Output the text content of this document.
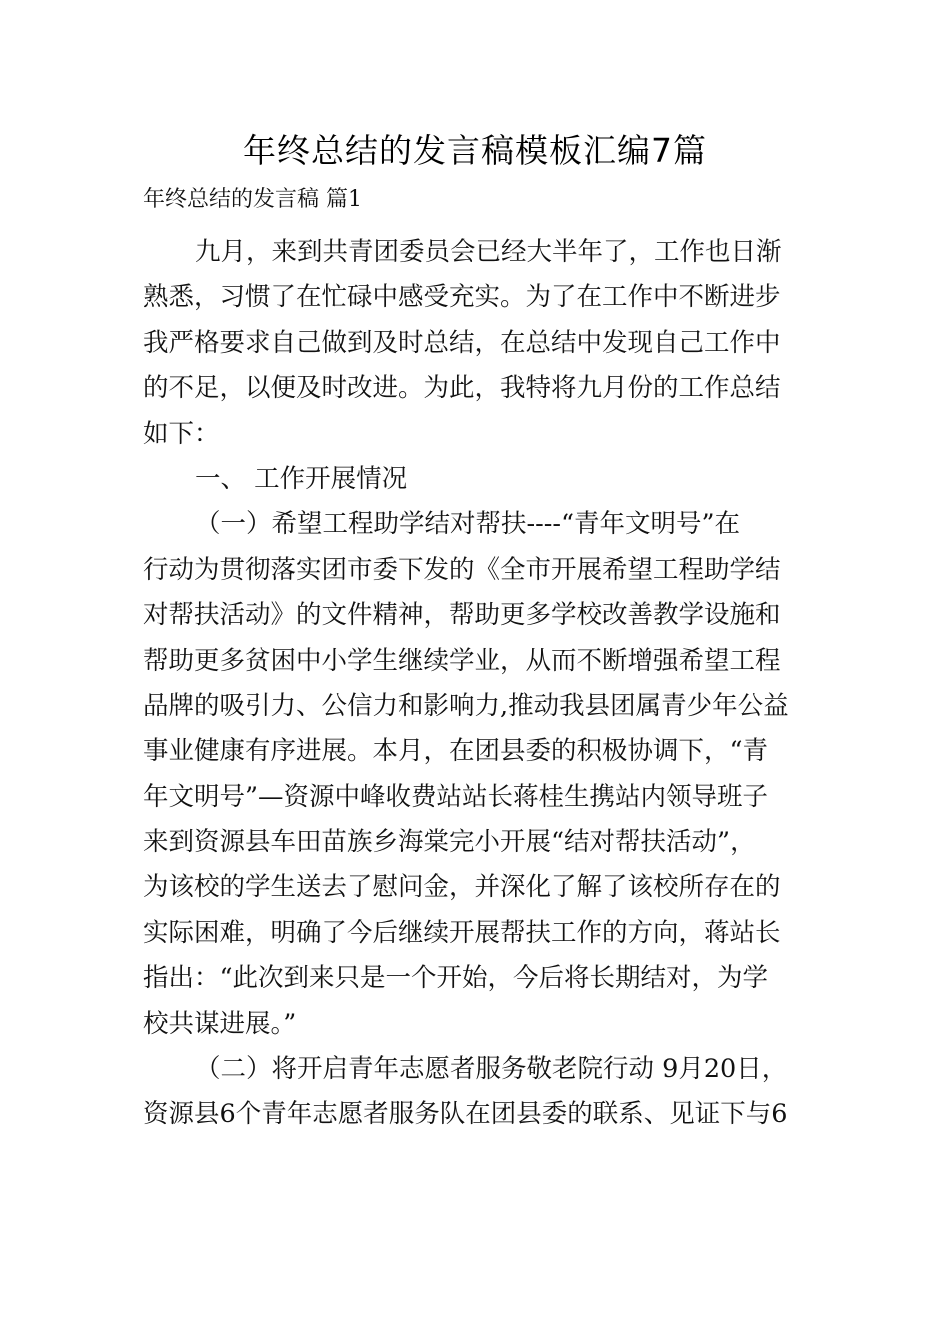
年终总结的发言稿模板汇编7篇
年终总结的发言稿 篇1
九月，来到共青团委员会已经大半年了，工作也日渐
熟悉，习惯了在忙碌中感受充实。为了在工作中不断进步
我严格要求自己做到及时总结，在总结中发现自己工作中
的不足，以便及时改进。为此，我特将九月份的工作总结
如下：
一、 工作开展情况
（一）希望工程助学结对帮扶----“青年文明号”在
行动为贯彻落实团市委下发的《全市开展希望工程助学结
对帮扶活动》的文件精神，帮助更多学校改善教学设施和
帮助更多贫困中小学生继续学业，从而不断增强希望工程
品牌的吸引力、公信力和影响力,推动我县团属青少年公益
事业健康有序进展。本月，在团县委的积极协调下，“青
年文明号”—资源中峰收费站站长蒋桂生携站内领导班子
来到资源县车田苗族乡海棠完小开展“结对帮扶活动”，
为该校的学生送去了慰问金，并深化了解了该校所存在的
实际困难，明确了今后继续开展帮扶工作的方向，蒋站长
指出：“此次到来只是一个开始，今后将长期结对，为学
校共谋进展。”
（二）将开启青年志愿者服务敬老院行动 9月20日，
资源县6个青年志愿者服务队在团县委的联系、见证下与6
